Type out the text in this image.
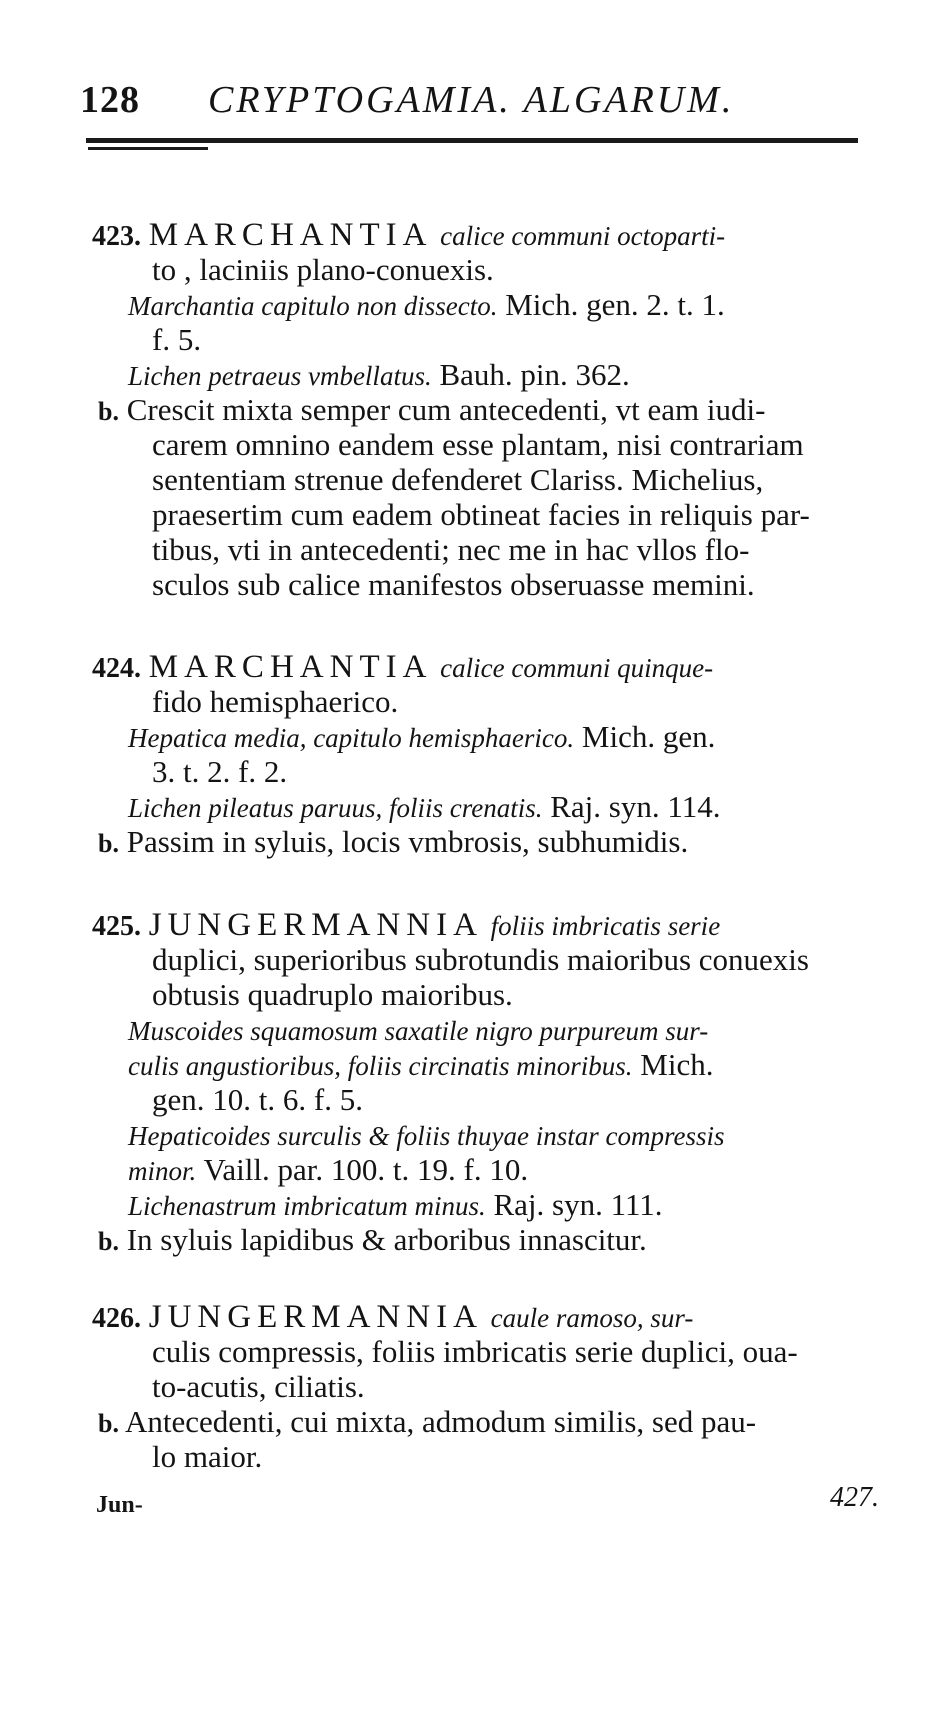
128 CRYPTOGAMIA. ALGARUM.
423. MARCHANTIA calice communi octoparti-
to , laciniis plano-conuexis.
Marchantia capitulo non dissecto. Mich. gen. 2. t. 1.
f. 5.
Lichen petraeus vmbellatus. Bauh. pin. 362.
b. Crescit mixta semper cum antecedenti, vt eam iudi-
carem omnino eandem esse plantam, nisi contrariam
sententiam strenue defenderet Clariss. Michelius,
praesertim cum eadem obtineat facies in reliquis par-
tibus, vti in antecedenti; nec me in hac vllos flo-
sculos sub calice manifestos obseruasse memini.
424. MARCHANTIA calice communi quinque-
fido hemisphaerico.
Hepatica media, capitulo hemisphaerico. Mich. gen.
3. t. 2. f. 2.
Lichen pileatus paruus, foliis crenatis. Raj. syn. 114.
b. Passim in syluis, locis vmbrosis, subhumidis.
425. JUNGERMANNIA foliis imbricatis serie
duplici, superioribus subrotundis maioribus conuexis
obtusis quadruplo maioribus.
Muscoides squamosum saxatile nigro purpureum sur-
culis angustioribus, foliis circinatis minoribus. Mich.
gen. 10. t. 6. f. 5.
Hepaticoides surculis & foliis thuyae instar compressis
minor. Vaill. par. 100. t. 19. f. 10.
Lichenastrum imbricatum minus. Raj. syn. 111.
b. In syluis lapidibus & arboribus innascitur.
426. JUNGERMANNIA caule ramoso, sur-
culis compressis, foliis imbricatis serie duplici, oua-
to-acutis, ciliatis.
b. Antecedenti, cui mixta, admodum similis, sed pau-
lo maior.
Jun-	427.
